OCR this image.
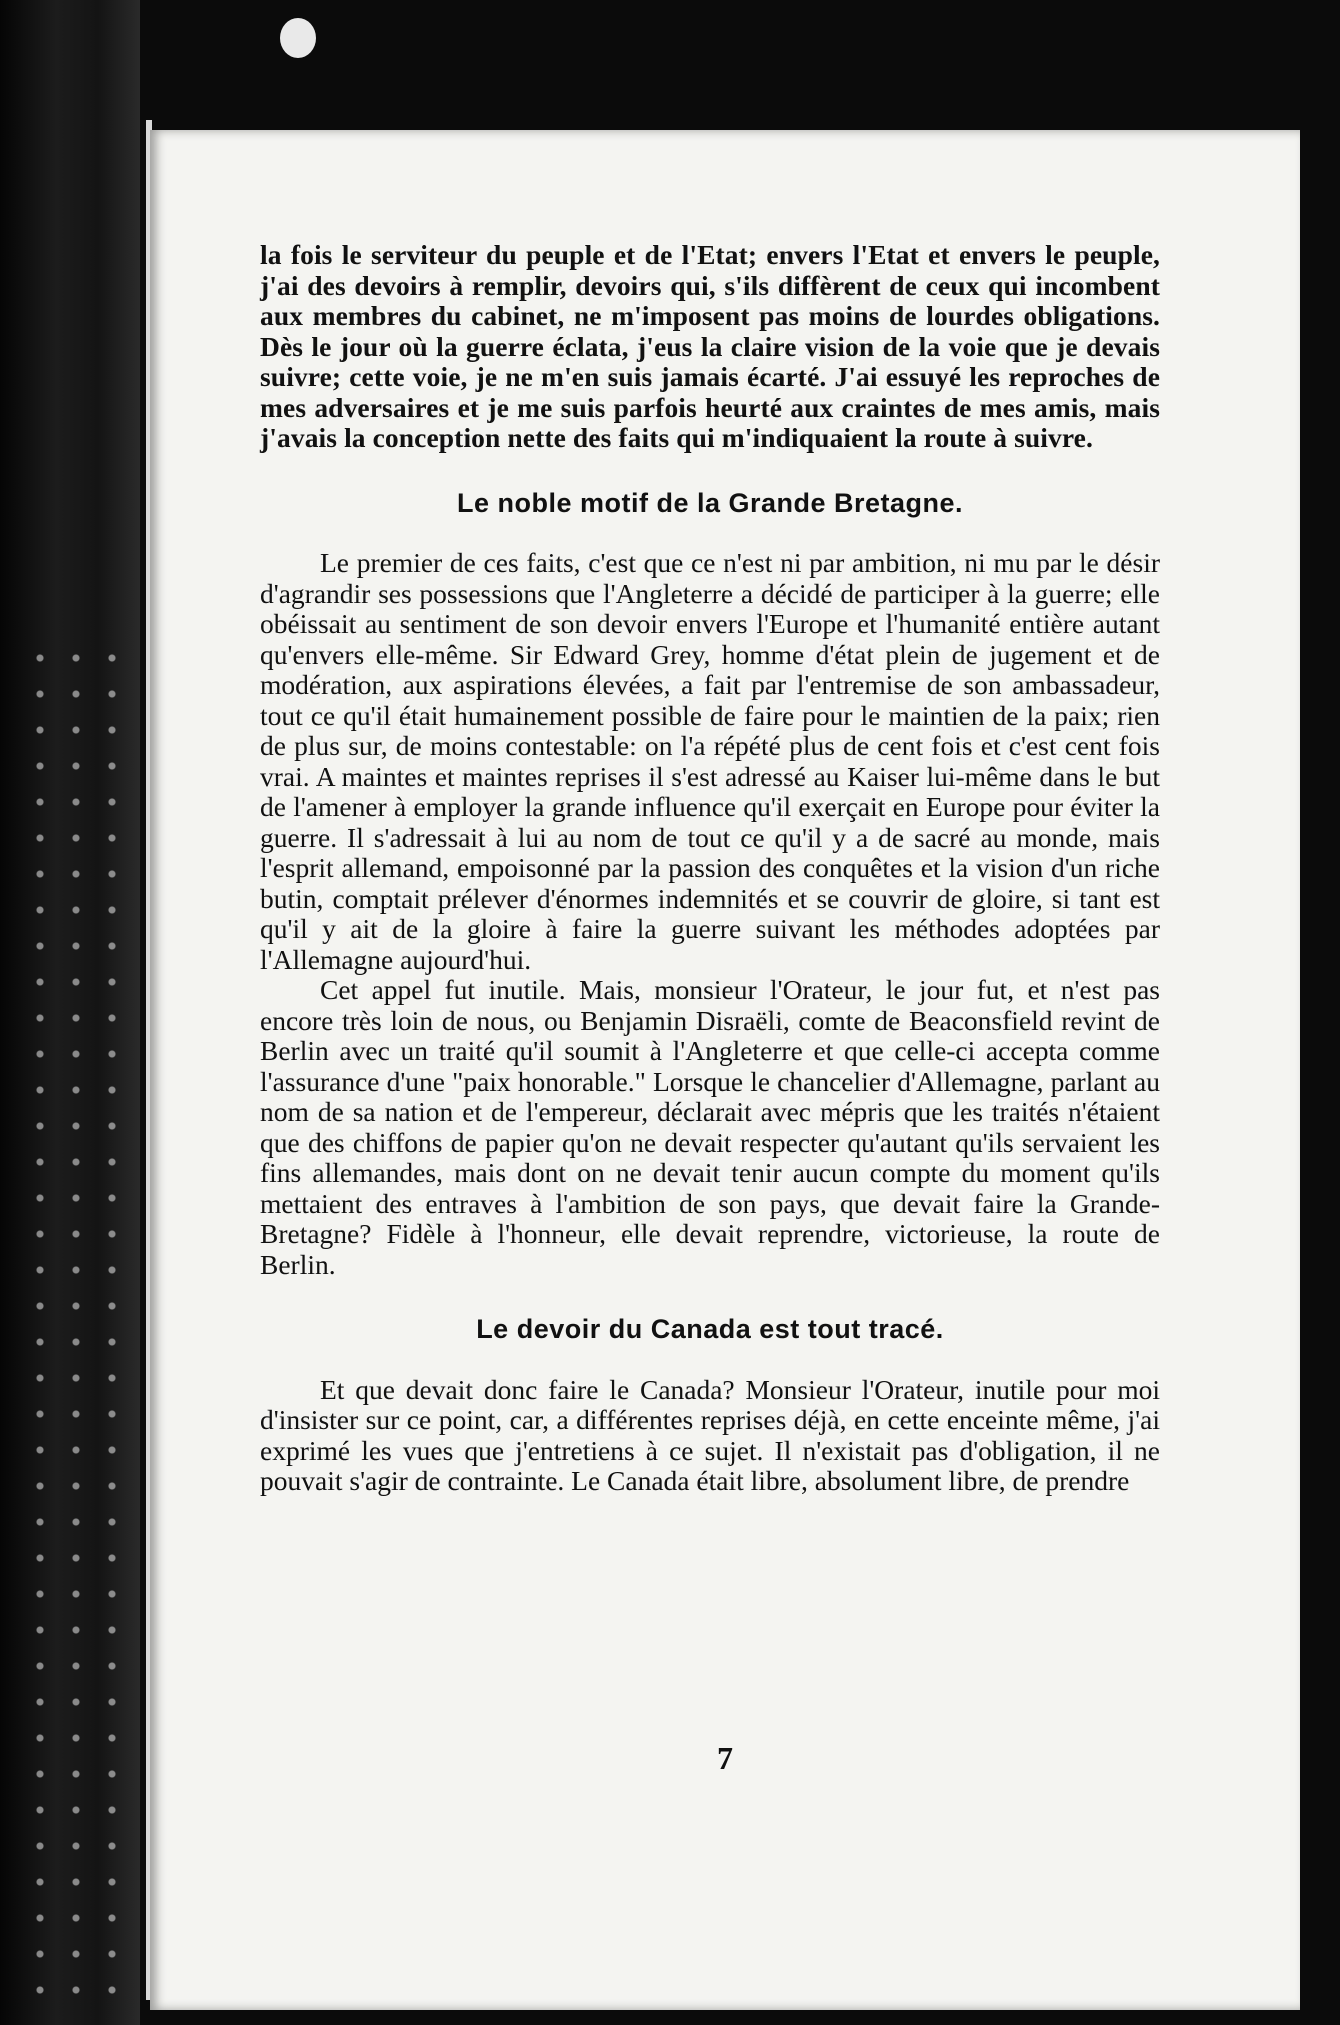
la fois le serviteur du peuple et de l'Etat; envers l'Etat et envers le peuple, j'ai des devoirs à remplir, devoirs qui, s'ils diffèrent de ceux qui incombent aux membres du cabinet, ne m'imposent pas moins de lourdes obligations. Dès le jour où la guerre éclata, j'eus la claire vision de la voie que je devais suivre; cette voie, je ne m'en suis jamais écarté. J'ai essuyé les reproches de mes adversaires et je me suis parfois heurté aux craintes de mes amis, mais j'avais la conception nette des faits qui m'indiquaient la route à suivre.

Le noble motif de la Grande Bretagne.

Le premier de ces faits, c'est que ce n'est ni par ambition, ni mu par le désir d'agrandir ses possessions que l'Angleterre a décidé de participer à la guerre; elle obéissait au sentiment de son devoir envers l'Europe et l'humanité entière autant qu'envers elle-même. Sir Edward Grey, homme d'état plein de jugement et de modération, aux aspirations élevées, a fait par l'entremise de son ambassadeur, tout ce qu'il était humainement possible de faire pour le maintien de la paix; rien de plus sur, de moins contestable: on l'a répété plus de cent fois et c'est cent fois vrai. A maintes et maintes reprises il s'est adressé au Kaiser lui-même dans le but de l'amener à employer la grande influence qu'il exerçait en Europe pour éviter la guerre. Il s'adressait à lui au nom de tout ce qu'il y a de sacré au monde, mais l'esprit allemand, empoisonné par la passion des conquêtes et la vision d'un riche butin, comptait prélever d'énormes indemnités et se couvrir de gloire, si tant est qu'il y ait de la gloire à faire la guerre suivant les méthodes adoptées par l'Allemagne aujourd'hui.

Cet appel fut inutile. Mais, monsieur l'Orateur, le jour fut, et n'est pas encore très loin de nous, ou Benjamin Disraëli, comte de Beaconsfield revint de Berlin avec un traité qu'il soumit à l'Angleterre et que celle-ci accepta comme l'assurance d'une "paix honorable." Lorsque le chancelier d'Allemagne, parlant au nom de sa nation et de l'empereur, déclarait avec mépris que les traités n'étaient que des chiffons de papier qu'on ne devait respecter qu'autant qu'ils servaient les fins allemandes, mais dont on ne devait tenir aucun compte du moment qu'ils mettaient des entraves à l'ambition de son pays, que devait faire la Grande-Bretagne? Fidèle à l'honneur, elle devait reprendre, victorieuse, la route de Berlin.

Le devoir du Canada est tout tracé.

Et que devait donc faire le Canada? Monsieur l'Orateur, inutile pour moi d'insister sur ce point, car, a différentes reprises déjà, en cette enceinte même, j'ai exprimé les vues que j'entretiens à ce sujet. Il n'existait pas d'obligation, il ne pouvait s'agir de contrainte. Le Canada était libre, absolument libre, de prendre

7
